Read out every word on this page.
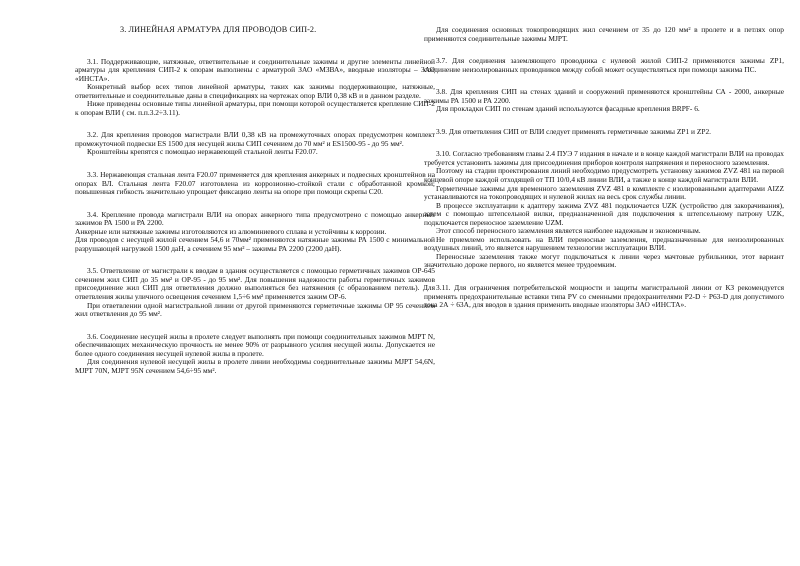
3. ЛИНЕЙНАЯ АРМАТУРА ДЛЯ ПРОВОДОВ СИП-2.

3.1. Поддерживающие, натяжные, ответвительные и соединительные зажимы и другие элементы линейной арматуры для крепления СИП-2 к опорам выполнены с арматурой ЗАО «МЗВА», вводные изоляторы – ЗАО «ИНСТА».

Конкретный выбор всех типов линейной арматуры, таких как зажимы поддерживающие, натяжные, ответвительные и соединительные даны в спецификациях на чертежах опор ВЛИ 0,38 кВ и в данном разделе.

Ниже приведены основные типы линейной арматуры, при помощи которой осуществляется крепление СИП-2 к опорам ВЛИ ( см. п.п.3.2÷3.11).

3.2. Для крепления проводов магистрали ВЛИ 0,38 кВ на промежуточных опорах предусмотрен комплект промежуточной подвески ES 1500 для несущей жилы СИП сечением до 70 мм² и ES1500-95 - до 95 мм².

Кронштейны крепятся с помощью нержавеющей стальной ленты F20.07.

3.3. Нержавеющая стальная лента F20.07 применяется для крепления анкерных и подвесных кронштейнов на опорах ВЛ. Стальная лента F20.07 изготовлена из коррозионно-стойкой стали с обработанной кромкой; повышенная гибкость значительно упрощает фиксацию ленты на опоре при помощи скрепы С20.

3.4. Крепление провода магистрали ВЛИ на опорах анкерного типа предусмотрено с помощью анкерных зажимов РА 1500 и РА 2200.

Анкерные или натяжные зажимы изготовляются из алюминиевого сплава и устойчивы к коррозии.

Для проводов с несущей жилой сечением 54,6 и 70мм² применяются натяжные зажимы РА 1500 с минимальной разрушающей нагрузкой 1500 даН, а сечением 95 мм² – зажимы РА 2200 (2200 даН).

3.5. Ответвление от магистрали к вводам в здания осуществляется с помощью герметичных зажимов ОР-645 сечением жил СИП до 35 мм² и ОР-95 - до 95 мм². Для повышения надежности работы герметичных зажимов присоединение жил СИП для ответвления должно выполняться без натяжения (с образованием петель). Для ответвления жилы уличного освещения сечением 1,5÷6 мм² применяется зажим ОР-6.

При ответвлении одной магистральной линии от другой применяются герметичные зажимы ОР 95 сечением жил ответвления до 95 мм².

3.6. Соединение несущей жилы в пролете следует выполнять при помощи соединительных зажимов MJPT N, обеспечивающих механическую прочность не менее 90% от разрывного усилия несущей жилы. Допускается не более одного соединения несущей нулевой жилы в пролете.

Для соединения нулевой несущей жилы в пролете линии необходимы соединительные зажимы MJPT 54,6N, MJPT 70N, MJPT 95N сечением 54,6÷95 мм².

Для соединения основных токопроводящих жил сечением от 35 до 120 мм² в пролете и в петлях опор применяются соединительные зажимы MJPT.

3.7. Для соединения заземляющего проводника с нулевой жилой СИП-2 применяются зажимы ZP1, соединение неизолированных проводников между собой может осуществляться при помощи зажима ПС.

3.8. Для крепления СИП на стенах зданий и сооружений применяются кронштейны СА - 2000, анкерные зажимы РА 1500 и РА 2200.

Для прокладки СИП по стенам зданий используются фасадные крепления BRPF- 6.

3.9. Для ответвления СИП от ВЛИ следует применять герметичные зажимы ZP1 и ZP2.

3.10. Согласно требованиям главы 2.4 ПУЭ 7 издания в начале и в конце каждой магистрали ВЛИ на проводах требуется установить зажимы для присоединения приборов контроля напряжения и переносного заземления.

Поэтому на стадии проектирования линий необходимо предусмотреть установку зажимов ZVZ 481 на первой концевой опоре каждой отходящей от ТП 10/0,4 кВ линии ВЛИ, а также в конце каждой магистрали ВЛИ.

Герметичные зажимы для временного заземления ZVZ 481 в комплекте с изолированными адаптерами AIZZ устанавливаются на токопроводящих и нулевой жилах на весь срок службы линии.

В процессе эксплуатации к адаптеру зажима ZVZ 481 подключается UZK (устройство для закорачивания), затем с помощью штепсельной вилки, предназначенной для подключения к штепсельному патрону UZK, подключается переносное заземление UZM.

Этот способ переносного заземления является наиболее надежным и экономичным.

Не приемлемо использовать на ВЛИ переносные заземления, предназначенные для неизолированных воздушных линий, это является нарушением технологии эксплуатации ВЛИ.

Переносные заземления также могут подключаться к линии через мачтовые рубильники, этот вариант значительно дороже первого, но является менее трудоемким.

3.11. Для ограничения потребительской мощности и защиты магистральной линии от КЗ рекомендуется применять предохранительные вставки типа PV со сменными предохранителями P2-D ÷ P63-D для допустимого тока 2А ÷ 63А, для вводов в здания применить вводные изоляторы ЗАО «ИНСТА».
